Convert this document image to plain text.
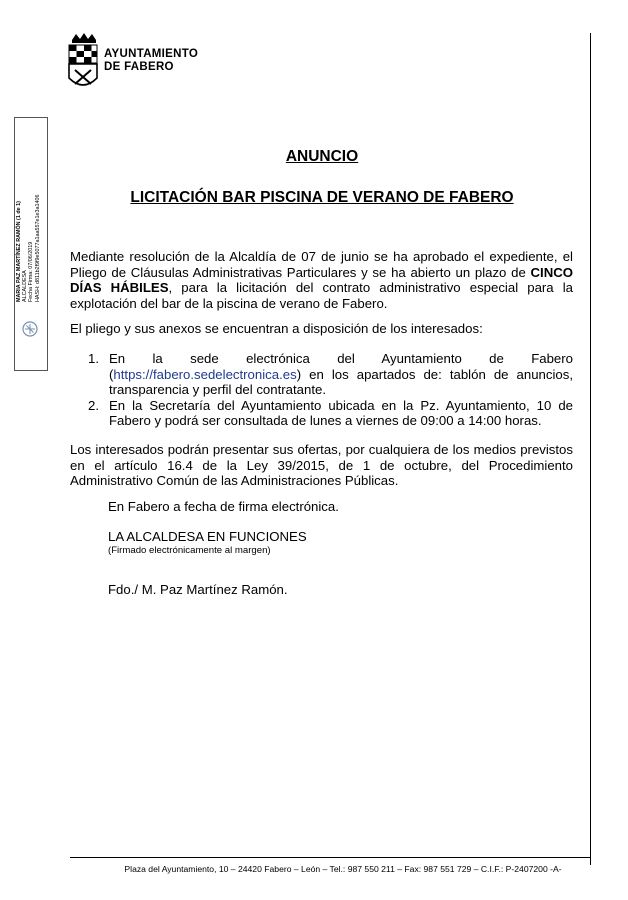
AYUNTAMIENTO
DE FABERO
MARIA PAZ MARTÍNEZ RAMÓN (1 de 1) ALCALDESA Fecha Firma: 07/06/2019 HASH: d811b2f9f9e5077a1aa557e1e3a1406
ANUNCIO
LICITACIÓN BAR PISCINA DE VERANO DE FABERO
Mediante resolución de la Alcaldía de 07 de junio se ha aprobado el expediente, el Pliego de Cláusulas Administrativas Particulares y se ha abierto un plazo de CINCO DÍAS HÁBILES, para la licitación del contrato administrativo especial para la explotación del bar de la piscina de verano de Fabero.
El pliego y sus anexos se encuentran a disposición de los interesados:
1. En la sede electrónica del Ayuntamiento de Fabero (https://fabero.sedelectronica.es) en los apartados de: tablón de anuncios, transparencia y perfil del contratante.
2. En la Secretaría del Ayuntamiento ubicada en la Pz. Ayuntamiento, 10 de Fabero y podrá ser consultada de lunes a viernes de 09:00 a 14:00 horas.
Los interesados podrán presentar sus ofertas, por cualquiera de los medios previstos en el artículo 16.4 de la Ley 39/2015, de 1 de octubre, del Procedimiento Administrativo Común de las Administraciones Públicas.
En Fabero a fecha de firma electrónica.
LA ALCALDESA EN FUNCIONES
(Firmado electrónicamente al margen)
Fdo./ M. Paz Martínez Ramón.
Plaza del Ayuntamiento, 10 – 24420 Fabero – León – Tel.: 987 550 211 – Fax: 987 551 729 – C.I.F.: P-2407200 -A-
